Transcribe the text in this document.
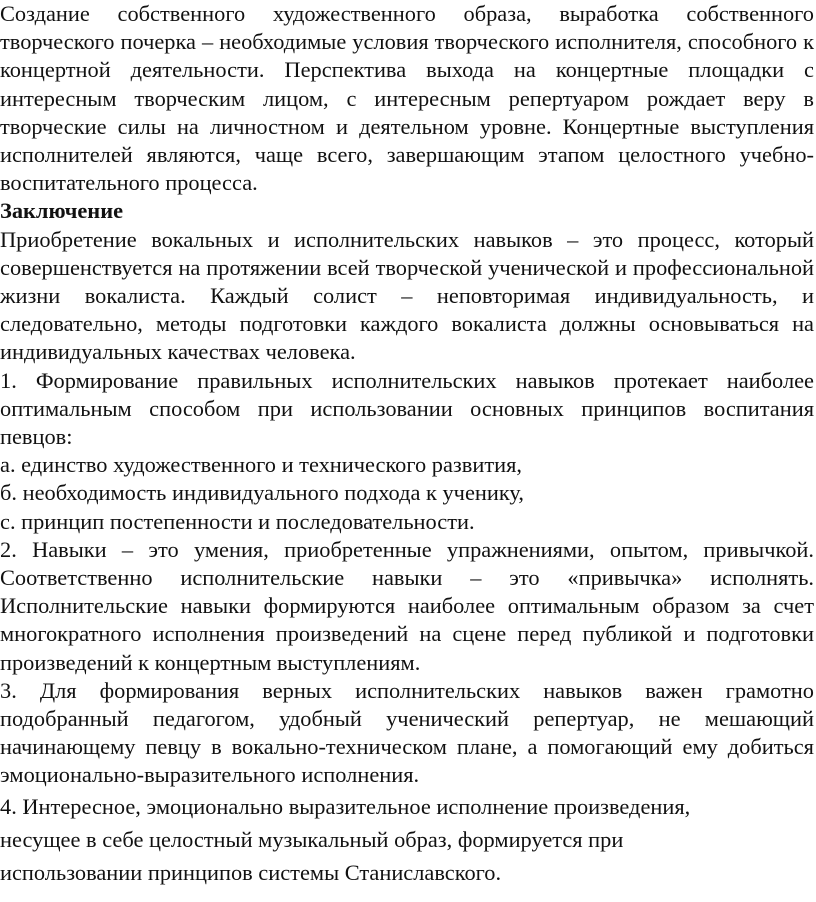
Создание собственного художественного образа, выработка собственного творческого почерка – необходимые условия творческого исполнителя, способного к концертной деятельности. Перспектива выхода на концертные площадки с интересным творческим лицом, с интересным репертуаром рождает веру в творческие силы на личностном и деятельном уровне. Концертные выступления исполнителей являются, чаще всего, завершающим этапом целостного учебно-воспитательного процесса.

Заключение

Приобретение вокальных и исполнительских навыков – это процесс, который совершенствуется на протяжении всей творческой ученической и профессиональной жизни вокалиста. Каждый солист – неповторимая индивидуальность, и следовательно, методы подготовки каждого вокалиста должны основываться на индивидуальных качествах человека.

1. Формирование правильных исполнительских навыков протекает наиболее оптимальным способом при использовании основных принципов воспитания певцов:

а. единство художественного и технического развития,

б. необходимость индивидуального подхода к ученику,

с. принцип постепенности и последовательности.

2. Навыки – это умения, приобретенные упражнениями, опытом, привычкой. Соответственно исполнительские навыки – это «привычка» исполнять. Исполнительские навыки формируются наиболее оптимальным образом за счет многократного исполнения произведений на сцене перед публикой и подготовки произведений к концертным выступлениям.

3. Для формирования верных исполнительских навыков важен грамотно подобранный педагогом, удобный ученический репертуар, не мешающий начинающему певцу в вокально-техническом плане, а помогающий ему добиться эмоционально-выразительного исполнения.

4. Интересное, эмоционально выразительное исполнение произведения,

несущее в себе целостный музыкальный образ, формируется при

использовании принципов системы Станиславского.
